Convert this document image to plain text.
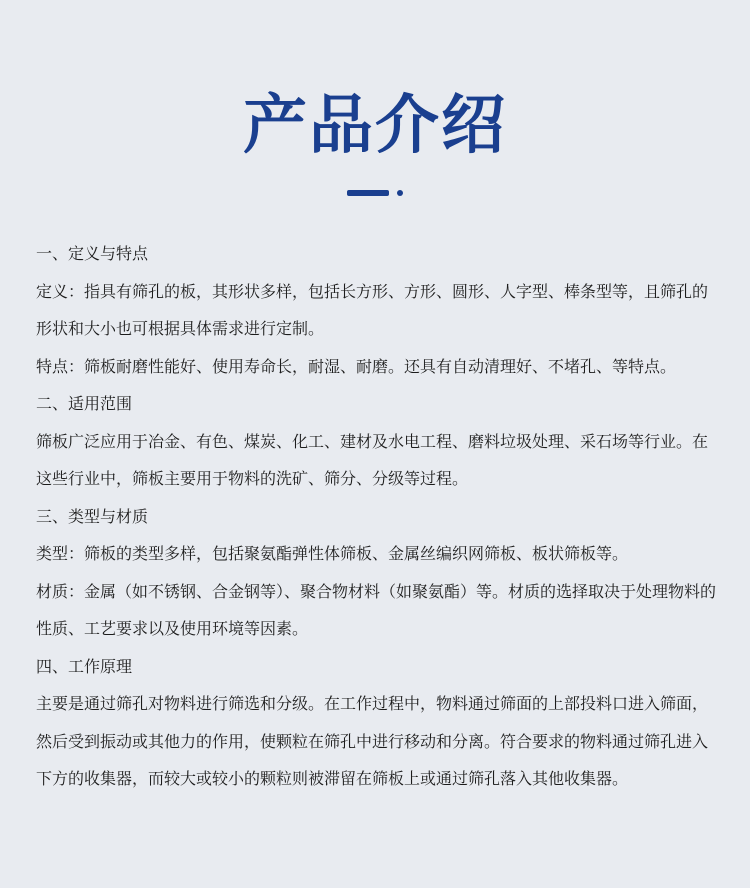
产品介绍

一、定义与特点

定义：指具有筛孔的板，其形状多样，包括长方形、方形、圆形、人字型、棒条型等，且筛孔的形状和大小也可根据具体需求进行定制。

特点：筛板耐磨性能好、使用寿命长，耐湿、耐磨。还具有自动清理好、不堵孔、等特点。

二、适用范围

筛板广泛应用于冶金、有色、煤炭、化工、建材及水电工程、磨料垃圾处理、采石场等行业。在这些行业中，筛板主要用于物料的洗矿、筛分、分级等过程。

三、类型与材质

类型：筛板的类型多样，包括聚氨酯弹性体筛板、金属丝编织网筛板、板状筛板等。

材质：金属（如不锈钢、合金钢等）、聚合物材料（如聚氨酯）等。材质的选择取决于处理物料的性质、工艺要求以及使用环境等因素。

四、工作原理

主要是通过筛孔对物料进行筛选和分级。在工作过程中，物料通过筛面的上部投料口进入筛面，然后受到振动或其他力的作用，使颗粒在筛孔中进行移动和分离。符合要求的物料通过筛孔进入下方的收集器，而较大或较小的颗粒则被滞留在筛板上或通过筛孔落入其他收集器。
